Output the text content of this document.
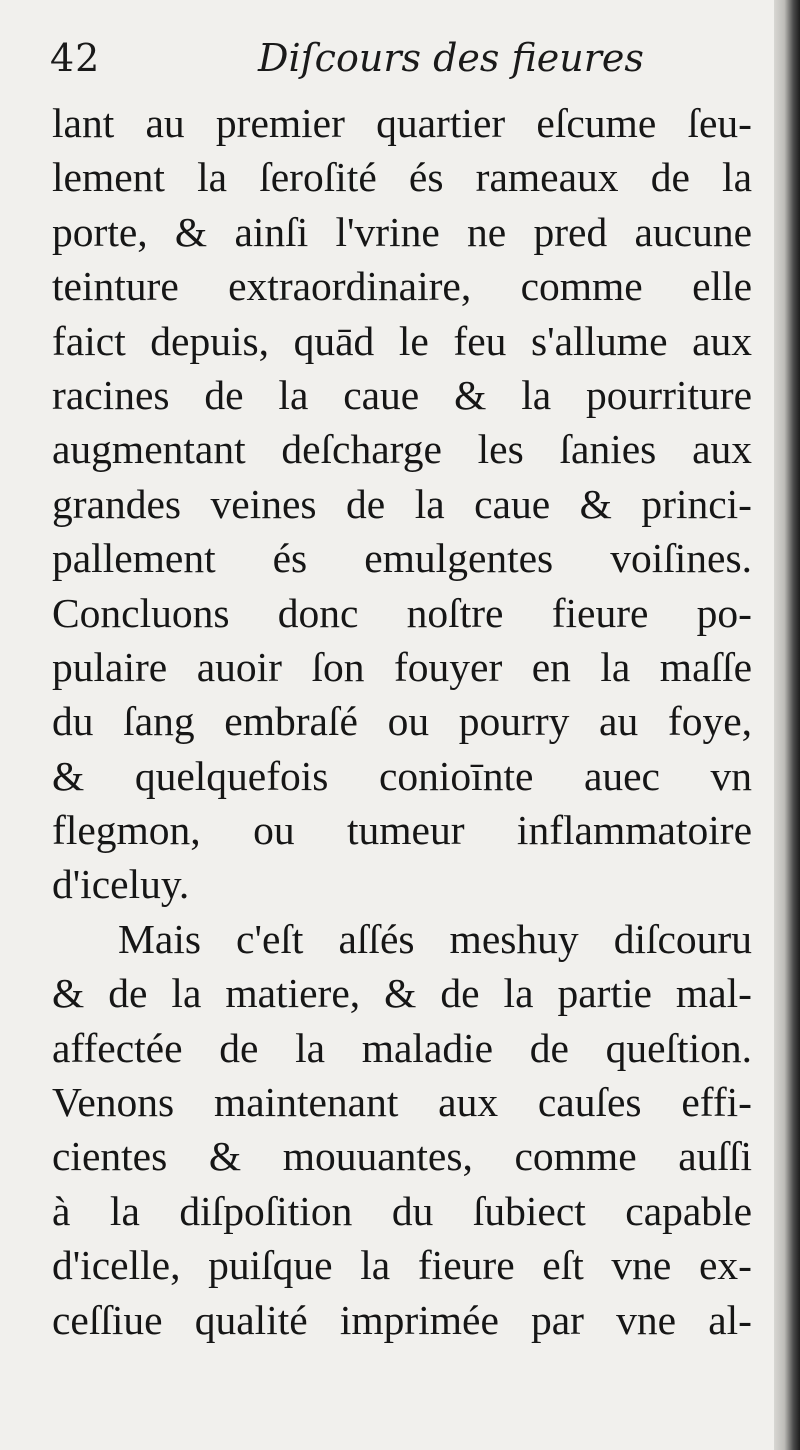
42	Diſcours des fieures
lant au premier quartier eſcume ſeu-
lement la ſeroſité és rameaux de la
porte, & ainſi l'vrine ne pred aucune
teinture extraordinaire, comme elle
faict depuis, quād le feu s'allume aux
racines de la caue & la pourriture
augmentant deſcharge les ſanies aux
grandes veines de la caue & princi-
pallement és emulgentes voiſines.
Concluons donc noſtre fieure po-
pulaire auoir ſon fouyer en la maſſe
du ſang embraſé ou pourry au foye,
& quelquefois conioīnte auec vn
flegmon, ou tumeur inflammatoire
d'iceluy.
Mais c'eſt aſſés meshuy diſcouru
& de la matiere, & de la partie mal-
affectée de la maladie de queſtion.
Venons maintenant aux cauſes effi-
cientes & mouuantes, comme auſſi
à la diſpoſition du ſubiect capable
d'icelle, puiſque la fieure eſt vne ex-
ceſſiue qualité imprimée par vne al-
